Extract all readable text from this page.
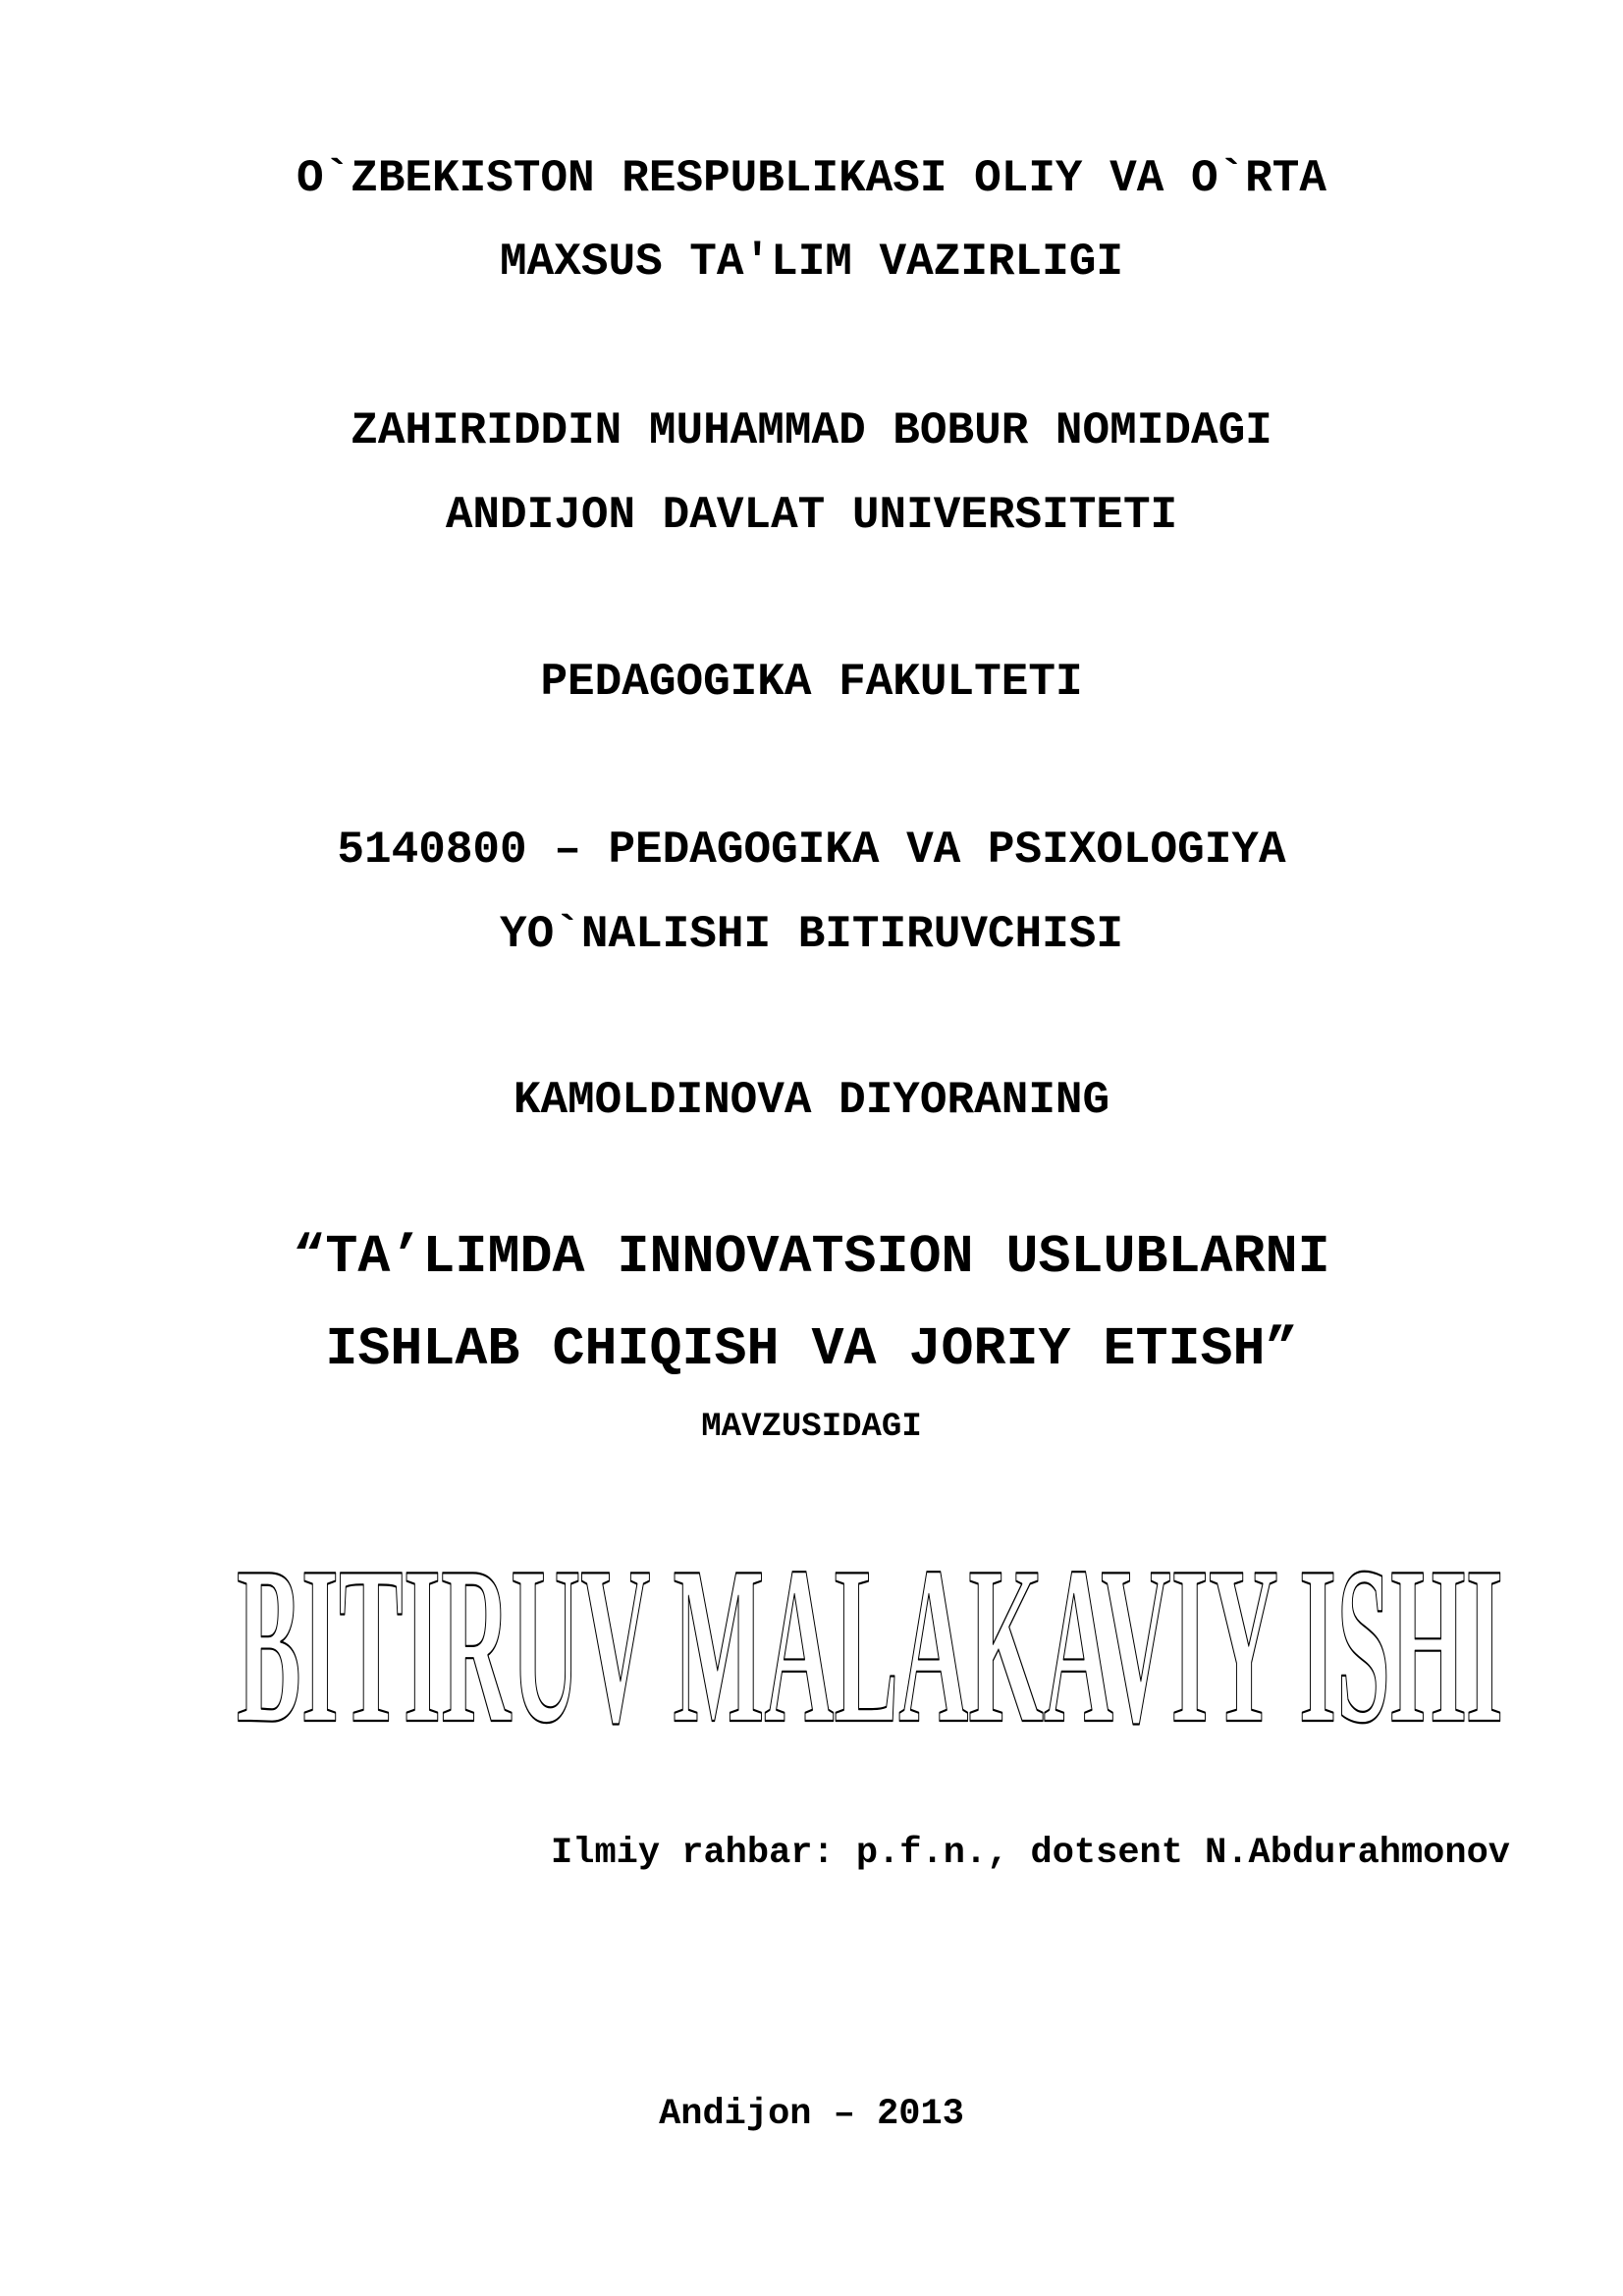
O`ZBEKISTON RESPUBLIKASI OLIY VA O`RTA
MAXSUS TA'LIM VAZIRLIGI
ZAHIRIDDIN MUHAMMAD BOBUR NOMIDAGI
ANDIJON DAVLAT UNIVERSITETI
PEDAGOGIKA FAKULTETI
5140800 – PEDAGOGIKA VA PSIXOLOGIYA
YO`NALISHI BITIRUVCHISI
KAMOLDINOVA DIYORANING
“TA’LIMDA INNOVATSION USLUBLARNI
ISHLAB CHIQISH VA JORIY ETISH”
MAVZUSIDAGI
BITIRUV MALAKAVIY ISHI
Ilmiy rahbar: p.f.n., dotsent N.Abdurahmonov
Andijon – 2013
